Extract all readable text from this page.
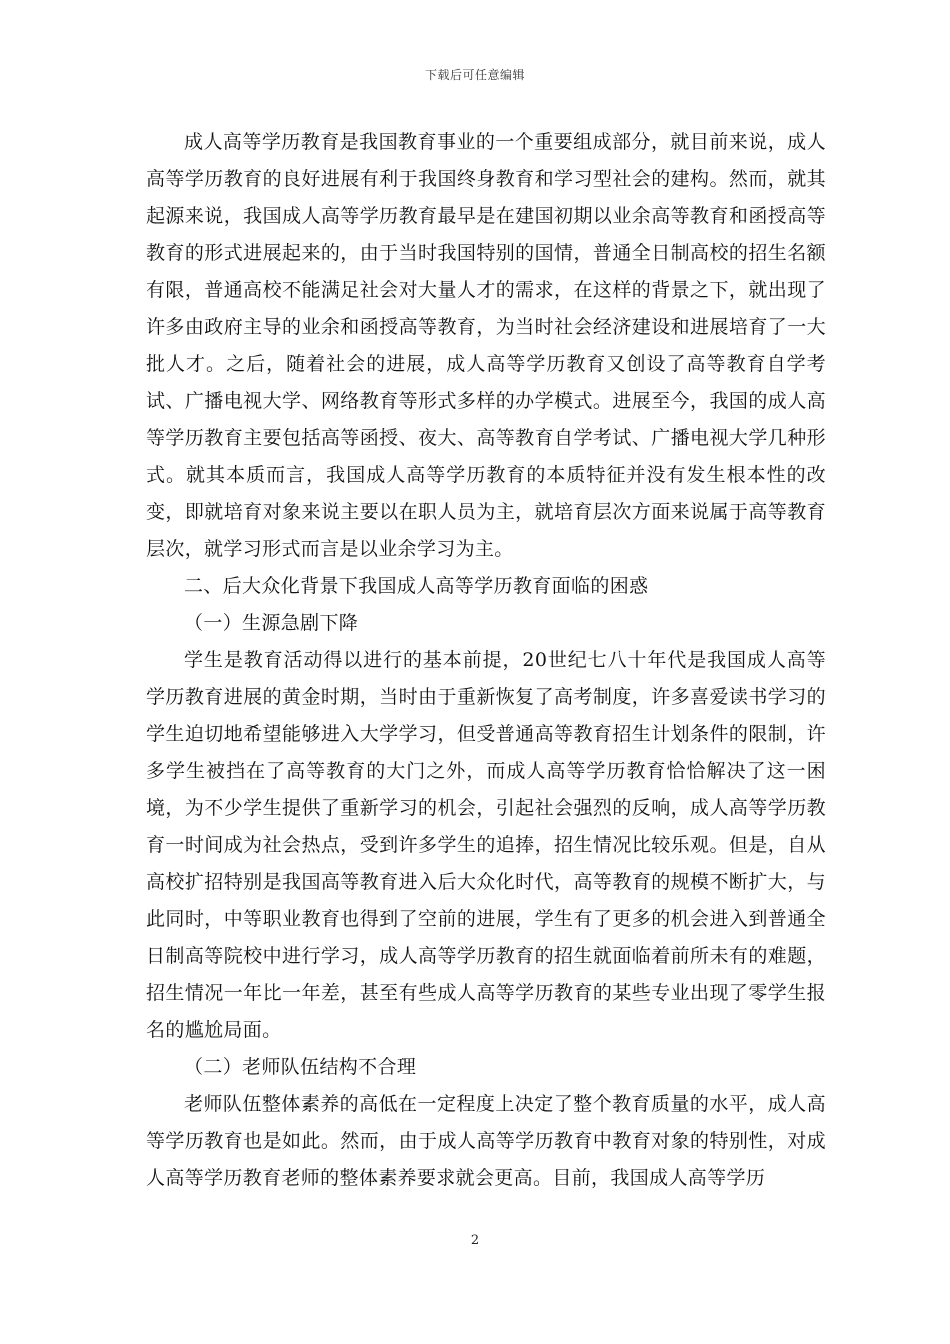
下载后可任意编辑

成人高等学历教育是我国教育事业的一个重要组成部分，就目前来说，成人高等学历教育的良好进展有利于我国终身教育和学习型社会的建构。然而，就其起源来说，我国成人高等学历教育最早是在建国初期以业余高等教育和函授高等教育的形式进展起来的，由于当时我国特别的国情，普通全日制高校的招生名额有限，普通高校不能满足社会对大量人才的需求，在这样的背景之下，就出现了许多由政府主导的业余和函授高等教育，为当时社会经济建设和进展培育了一大批人才。之后，随着社会的进展，成人高等学历教育又创设了高等教育自学考试、广播电视大学、网络教育等形式多样的办学模式。进展至今，我国的成人高等学历教育主要包括高等函授、夜大、高等教育自学考试、广播电视大学几种形式。就其本质而言，我国成人高等学历教育的本质特征并没有发生根本性的改变，即就培育对象来说主要以在职人员为主，就培育层次方面来说属于高等教育层次，就学习形式而言是以业余学习为主。

二、后大众化背景下我国成人高等学历教育面临的困惑

（一）生源急剧下降

学生是教育活动得以进行的基本前提，20世纪七八十年代是我国成人高等学历教育进展的黄金时期，当时由于重新恢复了高考制度，许多喜爱读书学习的学生迫切地希望能够进入大学学习，但受普通高等教育招生计划条件的限制，许多学生被挡在了高等教育的大门之外，而成人高等学历教育恰恰解决了这一困境，为不少学生提供了重新学习的机会，引起社会强烈的反响，成人高等学历教育一时间成为社会热点，受到许多学生的追捧，招生情况比较乐观。但是，自从高校扩招特别是我国高等教育进入后大众化时代，高等教育的规模不断扩大，与此同时，中等职业教育也得到了空前的进展，学生有了更多的机会进入到普通全日制高等院校中进行学习，成人高等学历教育的招生就面临着前所未有的难题，招生情况一年比一年差，甚至有些成人高等学历教育的某些专业出现了零学生报名的尴尬局面。

（二）老师队伍结构不合理

老师队伍整体素养的高低在一定程度上决定了整个教育质量的水平，成人高等学历教育也是如此。然而，由于成人高等学历教育中教育对象的特别性，对成人高等学历教育老师的整体素养要求就会更高。目前，我国成人高等学历

2
